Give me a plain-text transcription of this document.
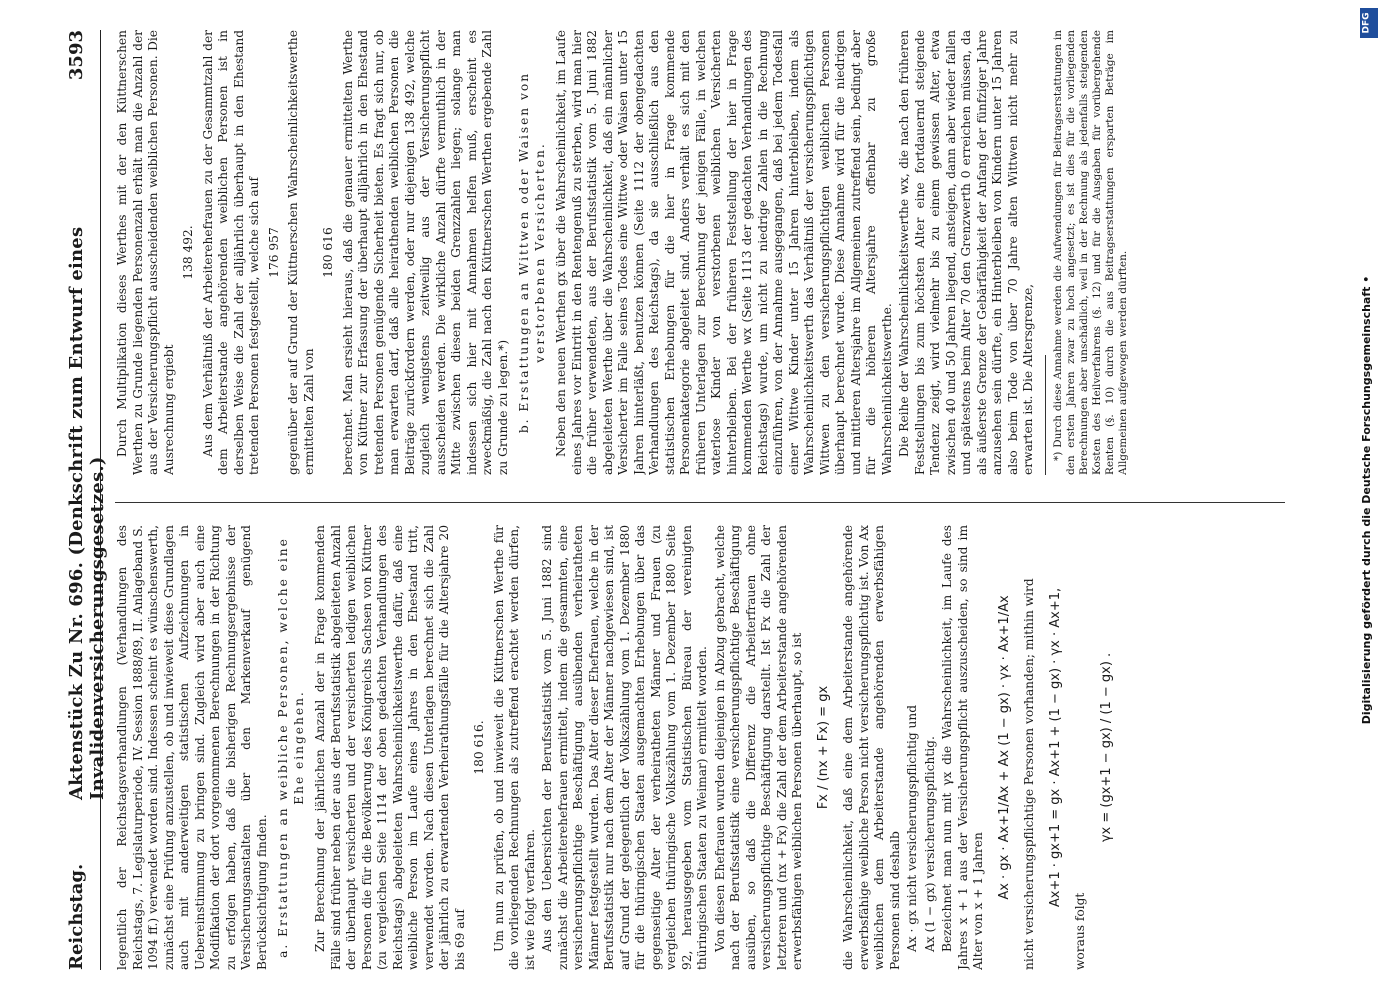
Reichstag.
Aktenstück Zu Nr. 696. (Denkschrift zum Entwurf eines Invalidenversicherungsgesetzes.)
3593

legentlich der Reichstagsverhandlungen (Verhandlungen des Reichstags, 7. Legislaturperiode, IV. Session 1888/89, II. Anlageband S. 1094 ff.) verwendet worden sind. Indessen scheint es wünschenswerth, zunächst eine Prüfung anzustellen, ob und inwieweit diese Grundlagen auch mit anderweitigen statistischen Aufzeichnungen in Uebereinstimmung zu bringen sind. Zugleich wird aber auch eine Modifikation der dort vorgenommenen Berechnungen in der Richtung zu erfolgen haben, daß die bisherigen Rechnungsergebnisse der Versicherungsanstalten über den Markenverkauf genügend Berücksichtigung finden. a. Erstattungen an weibliche Personen, welche eine Ehe eingehen. Zur Berechnung der jährlichen Anzahl der in Frage kommenden Fälle sind früher neben der aus der Berufsstatistik abgeleiteten Anzahl der überhaupt versicherten und der versicherten ledigen weiblichen Personen die für die Bevölkerung des Königreichs Sachsen von Küttner (zu vergleichen Seite 1114 der oben gedachten Verhandlungen des Reichstags) abgeleiteten Wahrscheinlichkeitswerthe dafür, daß eine weibliche Person im Laufe eines Jahres in den Ehestand tritt, verwendet worden. Nach diesen Unterlagen berechnet sich die Zahl der jährlich zu erwartenden Verheirathungsfälle für die Altersjahre 20 bis 69 auf

180 616. Um nun zu prüfen, ob und inwieweit die Küttnerschen Werthe für die vorliegenden Rechnungen als zutreffend erachtet werden dürfen, ist wie folgt verfahren. Aus den Uebersichten der Berufsstatistik vom 5. Juni 1882 sind zunächst die Arbeiterehefrauen ermittelt, indem die gesammten, eine versicherungspflichtige Beschäftigung ausübenden verheiratheten Männer festgestellt wurden. Das Alter dieser Ehefrauen, welche in der Berufsstatistik nur nach dem Alter der Männer nachgewiesen sind, ist auf Grund der gelegentlich der Volkszählung vom 1. Dezember 1880 für die thüringischen Staaten ausgemachten Erhebungen über das gegenseitige Alter der verheiratheten Männer und Frauen (zu vergleichen thüringische Volkszählung vom 1. Dezember 1880 Seite 92, herausgegeben vom Statistischen Büreau der vereinigten thüringischen Staaten zu Weimar) ermittelt worden. Von diesen Ehefrauen wurden diejenigen in Abzug gebracht, welche nach der Berufsstatistik eine versicherungspflichtige Beschäftigung ausüben, so daß die Differenz die Arbeiterfrauen ohne versicherungspflichtige Beschäftigung darstellt. Ist Fx die Zahl der letzteren und (nx + Fx) die Zahl der dem Arbeiterstande angehörenden erwerbsfähigen weiblichen Personen überhaupt, so ist Fx / (nx + Fx) = gx die Wahrscheinlichkeit, daß eine dem Arbeiterstande angehörende erwerbsfähige weibliche Person nicht versicherungspflichtig ist. Von Ax weiblichen dem Arbeiterstande angehörenden erwerbsfähigen Personen sind deshalb Ax · gx nicht versicherungspflichtig und Ax (1 − gx) versicherungspflichtig. Bezeichnet man nun mit γx die Wahrscheinlichkeit, im Laufe des Jahres x + 1 aus der Versicherungspflicht auszuscheiden, so sind im Alter von x + 1 Jahren

Ax · gx · Ax+1/Ax + Ax (1 − gx) · γx · Ax+1/Ax nicht versicherungspflichtige Personen vorhanden; mithin wird Ax+1 · gx+1 = gx · Ax+1 + (1 − gx) · γx · Ax+1,

woraus folgt

γx = (gx+1 − gx) / (1 − gx) .

Durch Multiplikation dieses Werthes mit der den Küttnerschen Werthen zu Grunde liegenden Personenzahl erhält man die Anzahl der aus der Versicherungspflicht ausscheidenden weiblichen Personen. Die Ausrechnung ergiebt

138 492. Aus dem Verhältniß der Arbeiterehefrauen zu der Gesammtzahl der dem Arbeiterstande angehörenden weiblichen Personen ist in derselben Weise die Zahl der alljährlich überhaupt in den Ehestand tretenden Personen festgestellt, welche sich auf 176 957 gegenüber der auf Grund der Küttnerschen Wahrscheinlichkeitswerthe ermittelten Zahl von

180 616 berechnet. Man ersieht hieraus, daß die genauer ermittelten Werthe von Küttner zur Erfassung der überhaupt alljährlich in den Ehestand tretenden Personen genügende Sicherheit bieten. Es fragt sich nur, ob man erwarten darf, daß alle heirathenden weiblichen Personen die Beiträge zurückfordern werden, oder nur diejenigen 138 492, welche zugleich wenigstens zeitweilig aus der Versicherungspflicht ausscheiden werden. Die wirkliche Anzahl dürfte vermuthlich in der Mitte zwischen diesen beiden Grenzzahlen liegen; solange man indessen sich hier mit Annahmen helfen muß, erscheint es zweckmäßig, die Zahl nach den Küttnerschen Werthen ergebende Zahl zu Grunde zu legen.*) b. Erstattungen an Wittwen oder Waisen von verstorbenen Versicherten. Neben den neuen Werthen gx über die Wahrscheinlichkeit, im Laufe eines Jahres vor Eintritt in den Rentengenuß zu sterben, wird man hier die früher verwendeten, aus der Berufsstatistik vom 5. Juni 1882 abgeleiteten Werthe über die Wahrscheinlichkeit, daß ein männlicher Versicherter im Falle seines Todes eine Wittwe oder Waisen unter 15 Jahren hinterläßt, benutzen können (Seite 1112 der obengedachten Verhandlungen des Reichstags), da sie ausschließlich aus den statistischen Erhebungen für die hier in Frage kommende Personenkategorie abgeleitet sind. Anders verhält es sich mit den früheren Unterlagen zur Berechnung der jenigen Fälle, in welchen vaterlose Kinder von verstorbenen weiblichen Versicherten hinterbleiben. Bei der früheren Feststellung der hier in Frage kommenden Werthe wx (Seite 1113 der gedachten Verhandlungen des Reichstags) wurde, um nicht zu niedrige Zahlen in die Rechnung einzuführen, von der Annahme ausgegangen, daß bei jedem Todesfall einer Wittwe Kinder unter 15 Jahren hinterbleiben, indem als Wahrscheinlichkeitswerth das Verhältniß der versicherungspflichtigen Wittwen zu den versicherungspflichtigen weiblichen Personen überhaupt berechnet wurde. Diese Annahme wird für die niedrigen und mittleren Altersjahre im Allgemeinen zutreffend sein, bedingt aber für die höheren Altersjahre offenbar zu große Wahrscheinlichkeitswerthe. Die Reihe der Wahrscheinlichkeitswerthe wx, die nach den früheren Feststellungen bis zum höchsten Alter eine fortdauernd steigende Tendenz zeigt, wird vielmehr bis zu einem gewissen Alter, etwa zwischen 40 und 50 Jahren liegend, ansteigen, dann aber wieder fallen und spätestens beim Alter 70 den Grenzwerth 0 erreichen müssen, da als äußerste Grenze der Gebärfähigkeit der Anfang der fünfziger Jahre anzusehen sein dürfte, ein Hinterbleiben von Kindern unter 15 Jahren also beim Tode von über 70 Jahre alten Wittwen nicht mehr zu erwarten ist. Die Altersgrenze, *) Durch diese Annahme werden die Aufwendungen für Beitragserstattungen in den ersten Jahren zwar zu hoch angesetzt; es ist dies für die vorliegenden Berechnungen aber unschädlich, weil in der Rechnung als jedenfalls steigenden Kosten des Heilverfahrens (§. 12) und für die Ausgaben für vorübergehende Renten (§. 10) durch die aus Beitragserstattungen ersparten Beträge im Allgemeinen aufgewogen werden dürften.	Digitalisierung gefördert durch die Deutsche Forschungsgemeinschaft •
DFG
